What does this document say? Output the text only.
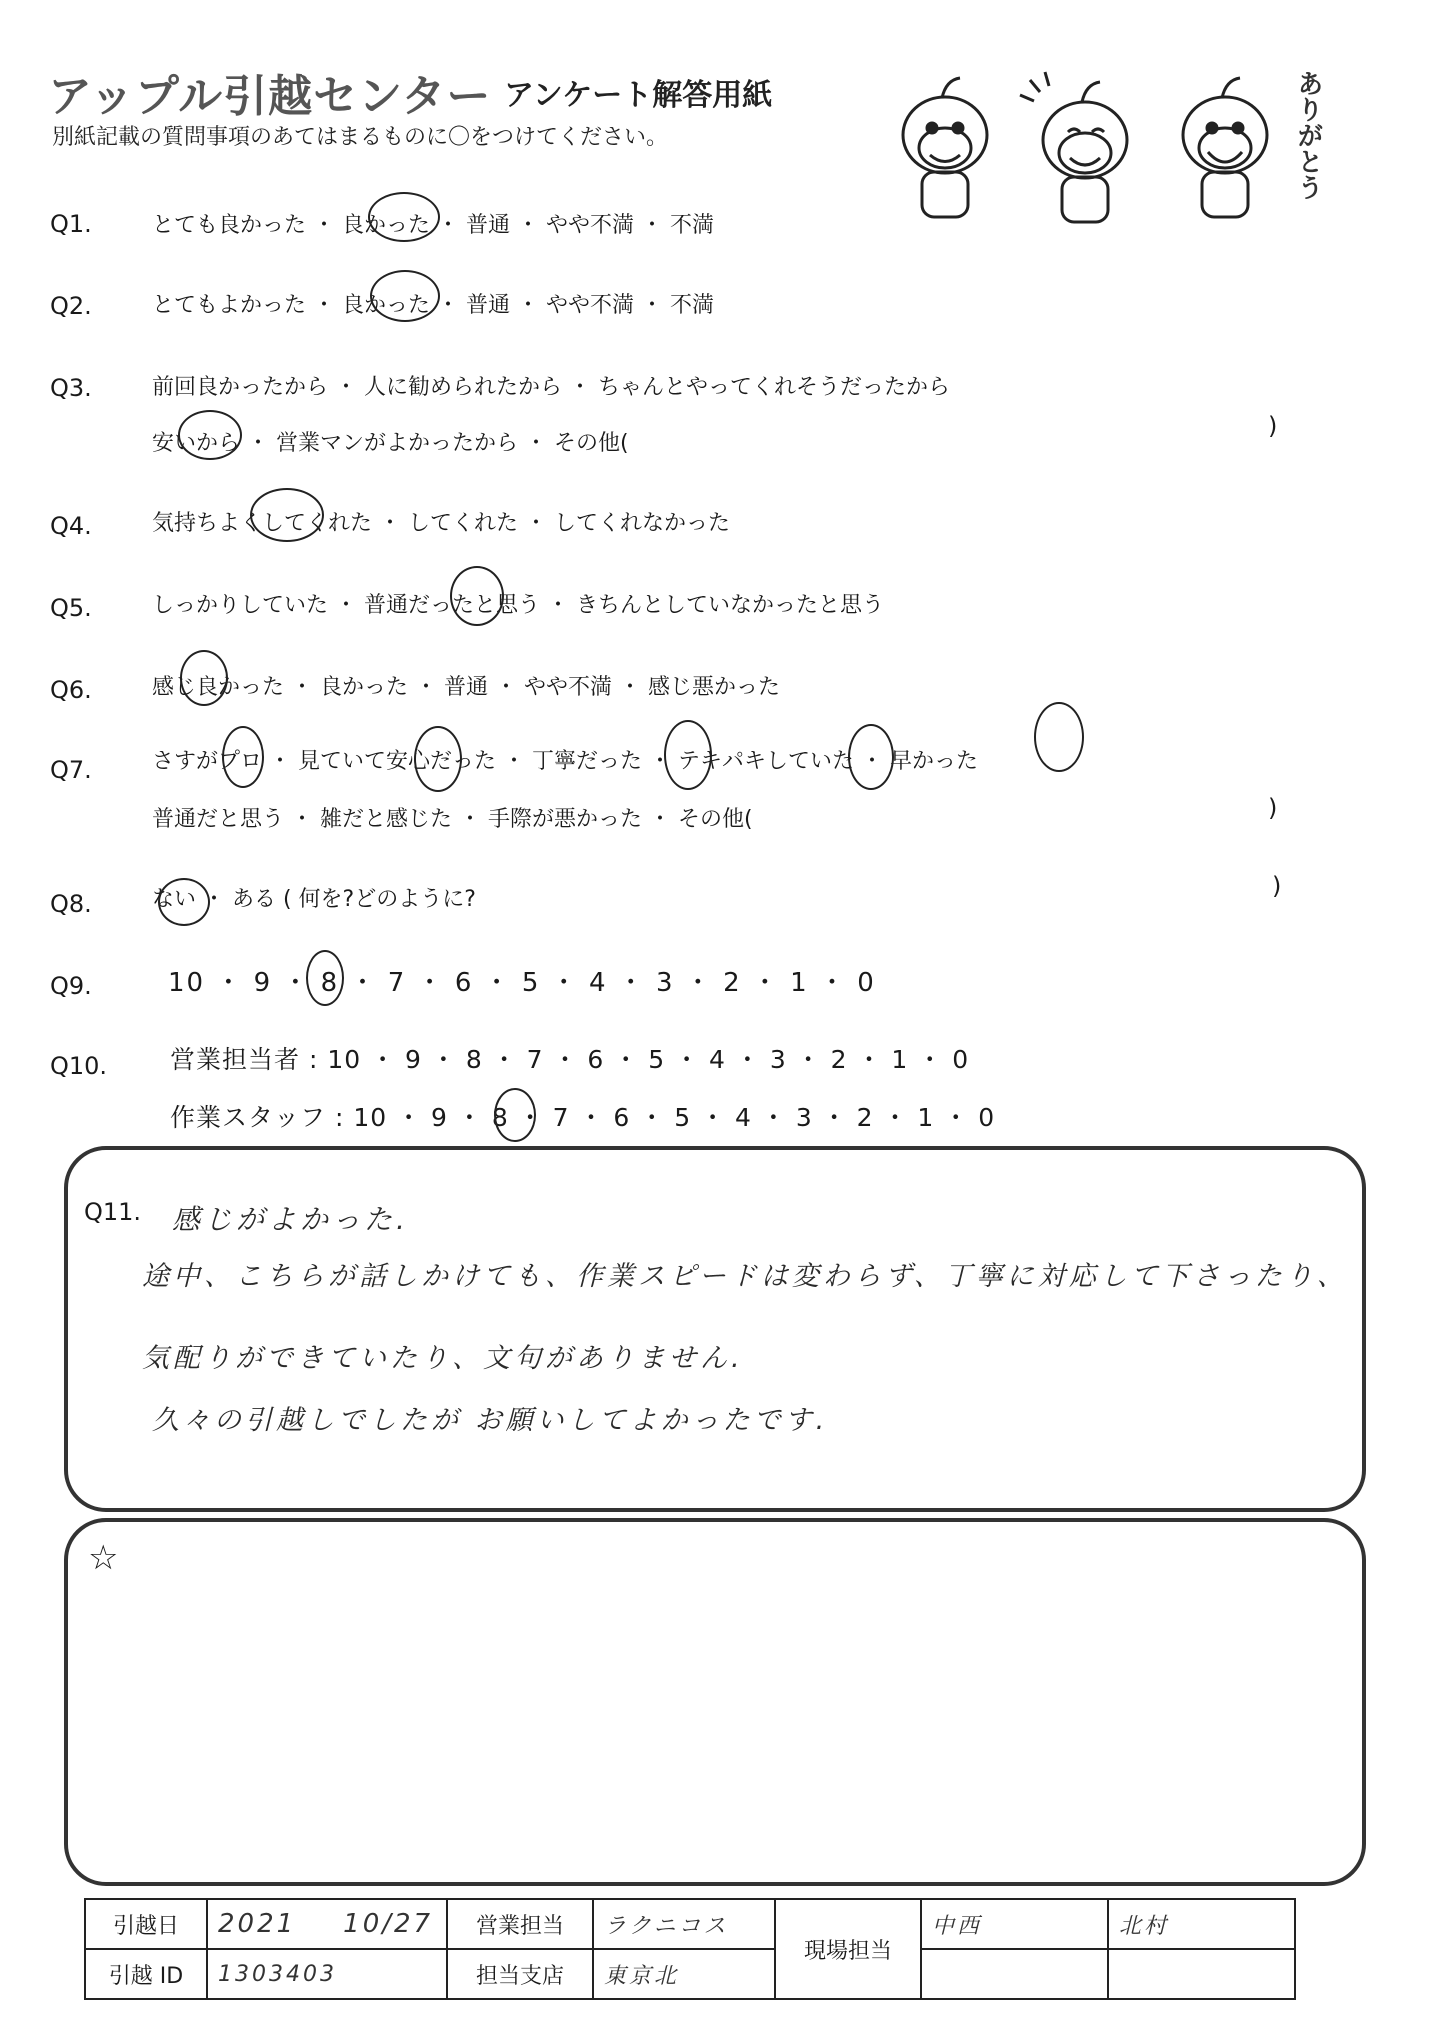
アップル引越センター アンケート解答用紙
別紙記載の質問事項のあてはまるものに〇をつけてください。	ありがとう
Q1.	とても良かった ・ 良かった ・ 普通 ・ やや不満 ・ 不満
Q2.	とてもよかった ・ 良かった ・ 普通 ・ やや不満 ・ 不満
Q3.	前回良かったから ・ 人に勧められたから ・ ちゃんとやってくれそうだったから
安いから ・ 営業マンがよかったから ・ その他(
)
Q4.	気持ちよくしてくれた ・ してくれた ・ してくれなかった
Q5.	しっかりしていた ・ 普通だったと思う ・ きちんとしていなかったと思う
Q6.	感じ良かった ・ 良かった ・ 普通 ・ やや不満 ・ 感じ悪かった
Q7.	さすがプロ ・ 見ていて安心だった ・ 丁寧だった ・ テキパキしていた ・ 早かった
普通だと思う ・ 雑だと感じた ・ 手際が悪かった ・ その他(	)
Q8.	ない ・ ある ( 何を?どのように?	)
Q9.	10 ・ 9 ・ 8 ・ 7 ・ 6 ・ 5 ・ 4 ・ 3 ・ 2 ・ 1 ・ 0
Q10.	営業担当者 : 10 ・ 9 ・ 8 ・ 7 ・ 6 ・ 5 ・ 4 ・ 3 ・ 2 ・ 1 ・ 0
作業スタッフ : 10 ・ 9 ・ 8 ・ 7 ・ 6 ・ 5 ・ 4 ・ 3 ・ 2 ・ 1 ・ 0
Q11. 感じがよかった.
途中、こちらが話しかけても、作業スピードは変わらず、丁寧に対応して下さったり、
気配りができていたり、文句がありません.
久々の引越しでしたが お願いしてよかったです.
☆
引越日	2021 10/27	営業担当	ラクニコス	現場担当	中西	北村
引越 ID	1303403	担当支店	東京北			
